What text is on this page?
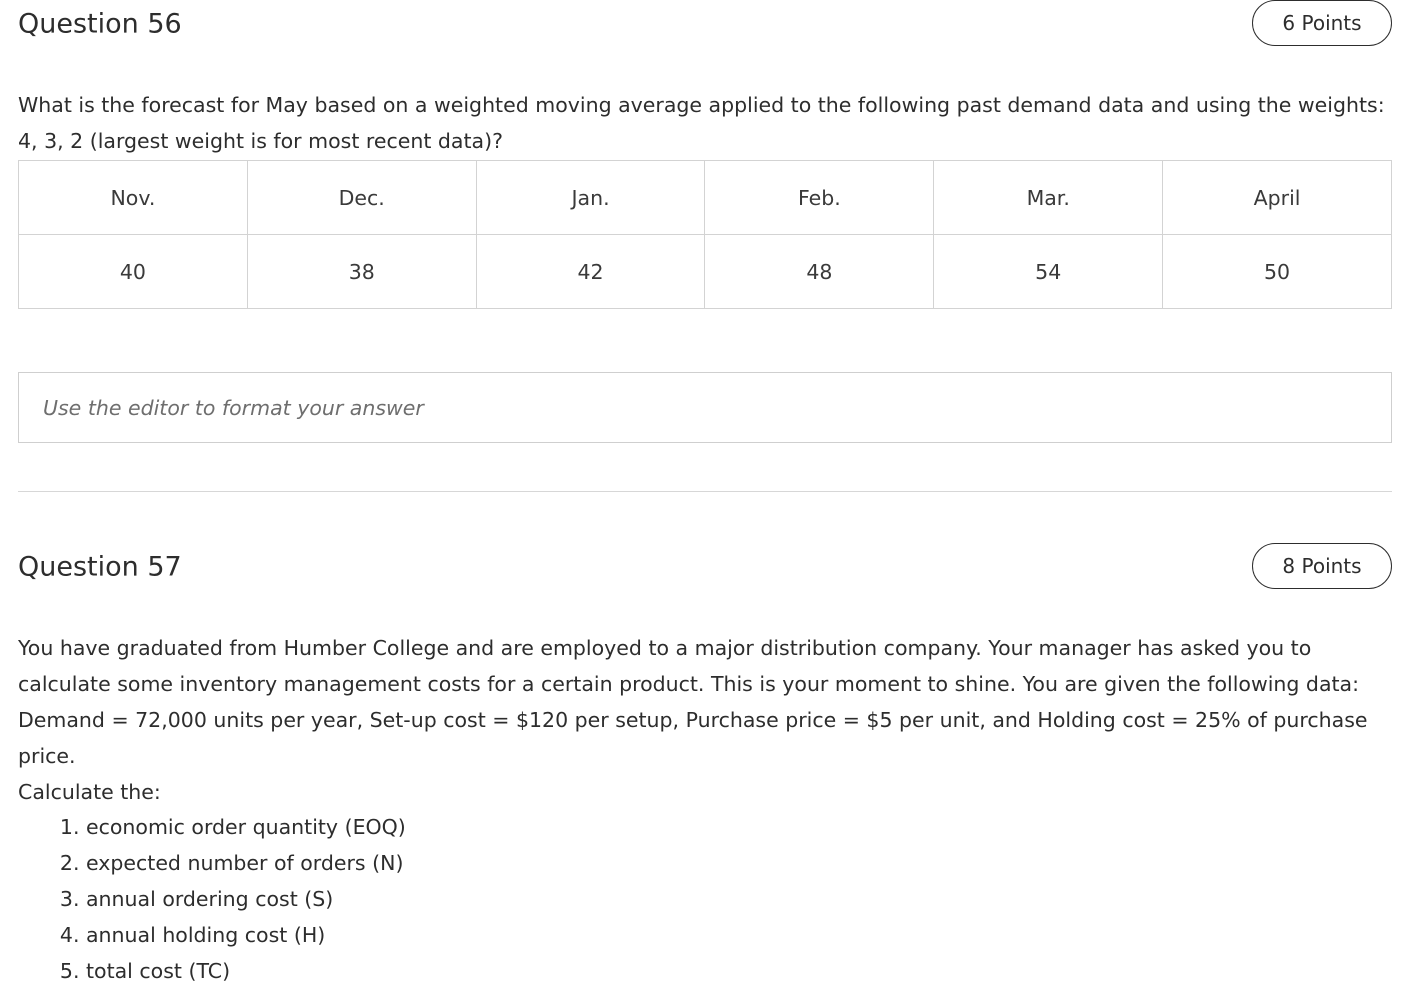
Question 56	6 Points

What is the forecast for May based on a weighted moving average applied to the following past demand data and using the weights: 4, 3, 2 (largest weight is for most recent data)?

Nov.	Dec.	Jan.	Feb.	Mar.	April
40	38	42	48	54	50
Use the editor to format your answer
Question 57	8 Points

You have graduated from Humber College and are employed to a major distribution company. Your manager has asked you to calculate some inventory management costs for a certain product. This is your moment to shine. You are given the following data: Demand = 72,000 units per year, Set-up cost = $120 per setup, Purchase price = $5 per unit, and Holding cost = 25% of purchase price.

Calculate the:

1. economic order quantity (EOQ)
2. expected number of orders (N)
3. annual ordering cost (S)
4. annual holding cost (H)
5. total cost (TC)
